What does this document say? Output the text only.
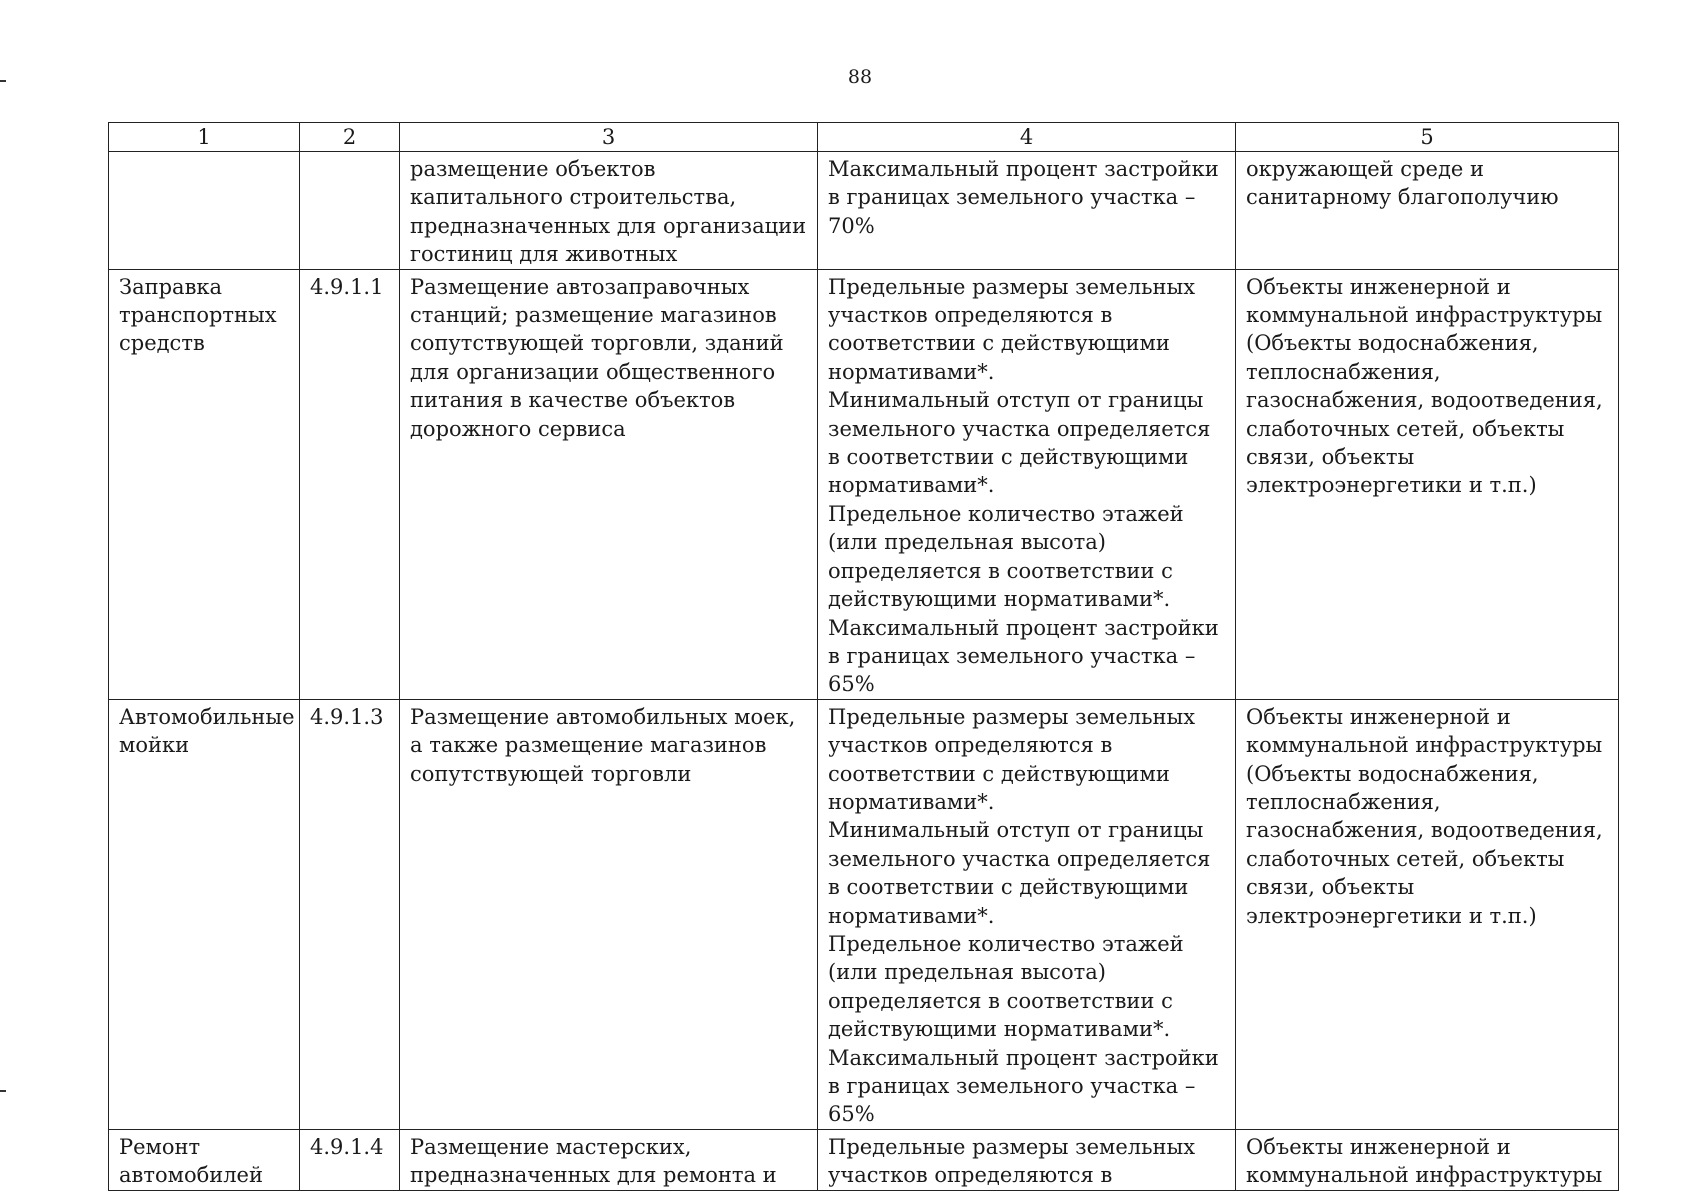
88
1	2	3	4	5

		размещение объектов капитального строительства, предназначенных для организации гостиниц для животных	Максимальный процент застройки в границах земельного участка – 70%	окружающей среде и санитарному благополучию

Заправка транспортных средств	4.9.1.1	Размещение автозаправочных станций; размещение магазинов сопутствующей торговли, зданий для организации общественного питания в качестве объектов дорожного сервиса	Предельные размеры земельных участков определяются в соответствии с действующими нормативами*.
Минимальный отступ от границы земельного участка определяется в соответствии с действующими нормативами*.
Предельное количество этажей (или предельная высота) определяется в соответствии с действующими нормативами*.
Максимальный процент застройки в границах земельного участка – 65%	Объекты инженерной и коммунальной инфраструктуры (Объекты водоснабжения, теплоснабжения, газоснабжения, водоотведения, слаботочных сетей, объекты связи, объекты электроэнергетики и т.п.)

Автомобильные мойки	4.9.1.3	Размещение автомобильных моек, а также размещение магазинов сопутствующей торговли	Предельные размеры земельных участков определяются в соответствии с действующими нормативами*.
Минимальный отступ от границы земельного участка определяется в соответствии с действующими нормативами*.
Предельное количество этажей (или предельная высота) определяется в соответствии с действующими нормативами*.
Максимальный процент застройки в границах земельного участка – 65%	Объекты инженерной и коммунальной инфраструктуры (Объекты водоснабжения, теплоснабжения, газоснабжения, водоотведения, слаботочных сетей, объекты связи, объекты электроэнергетики и т.п.)

Ремонт автомобилей	4.9.1.4	Размещение мастерских, предназначенных для ремонта и	Предельные размеры земельных участков определяются в	Объекты инженерной и коммунальной инфраструктуры
